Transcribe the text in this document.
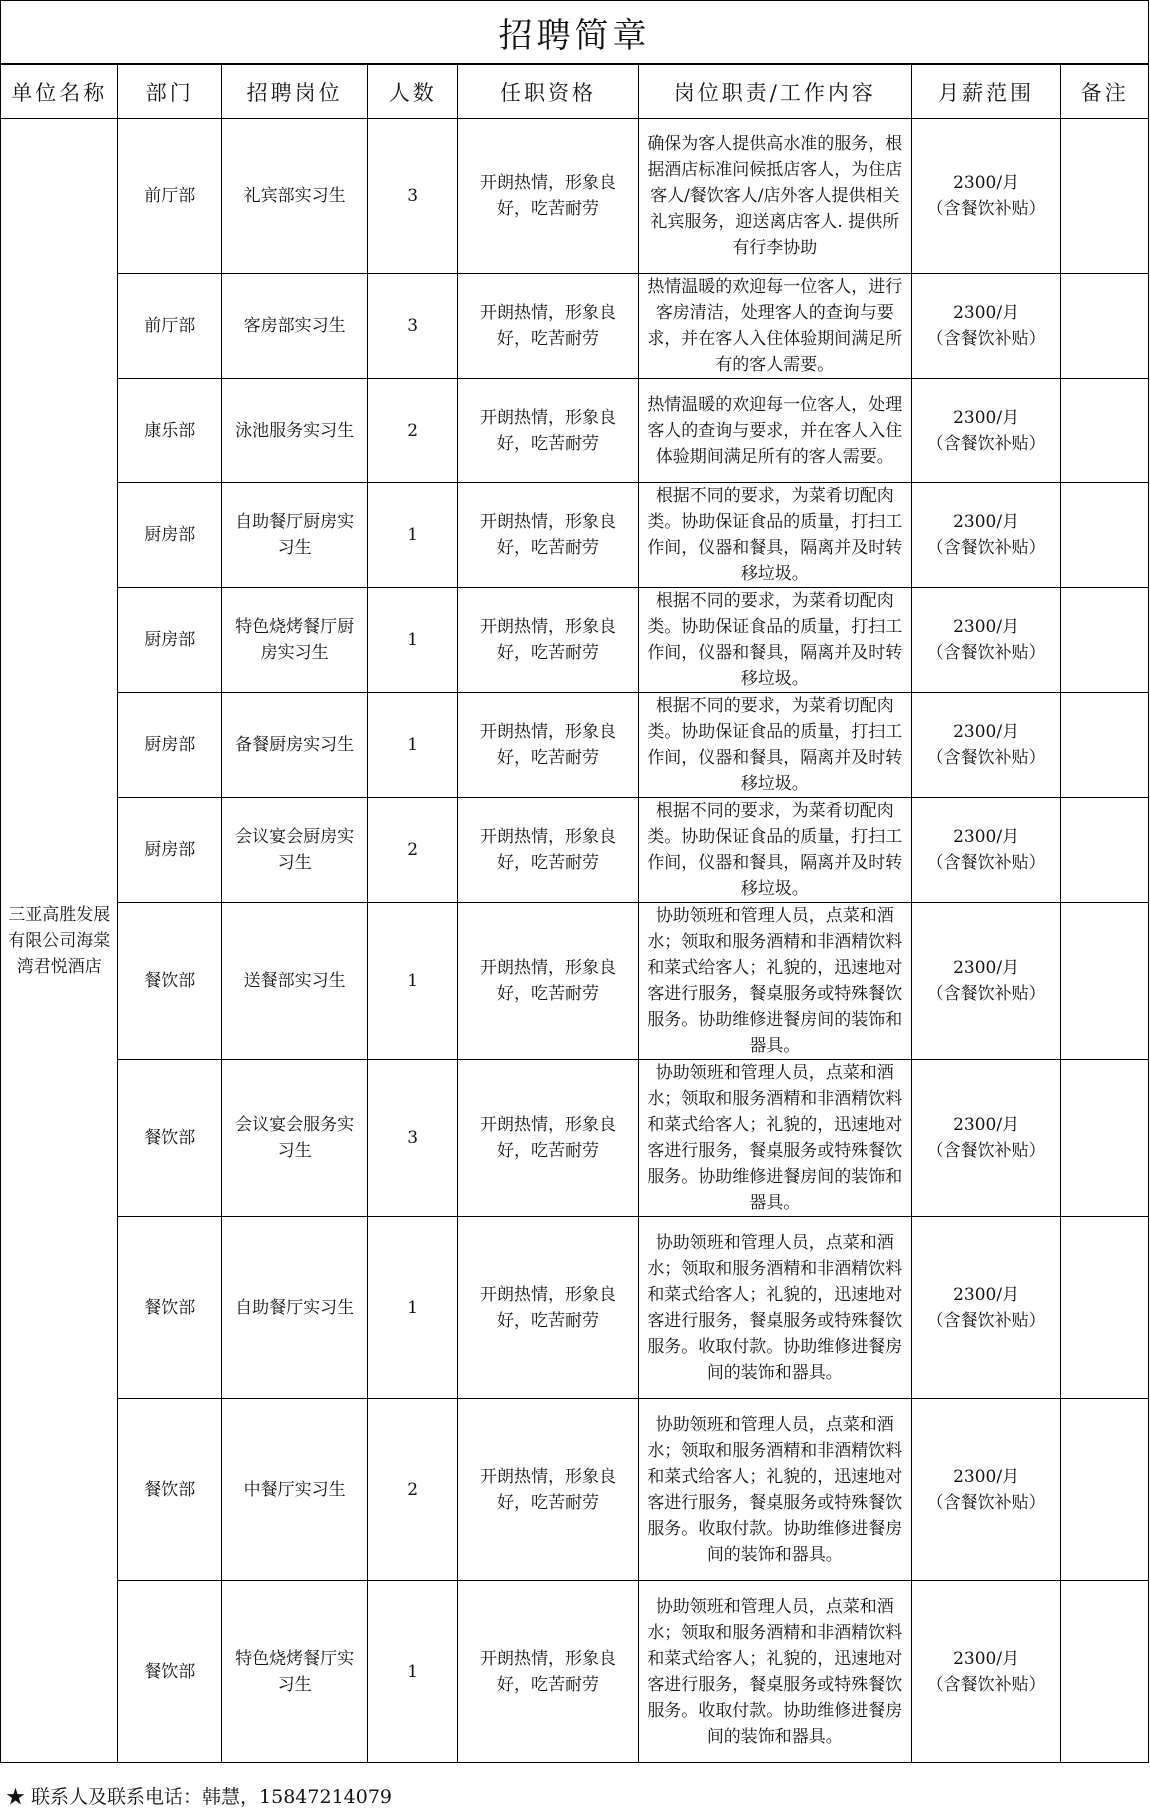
招聘简章
单位名称	部门	招聘岗位	人数	任职资格	岗位职责/工作内容	月薪范围	备注
三亚高胜发展有限公司海棠湾君悦酒店	前厅部	礼宾部实习生	3	开朗热情，形象良好，吃苦耐劳	确保为客人提供高水准的服务，根据酒店标准问候抵店客人，为住店客人/餐饮客人/店外客人提供相关礼宾服务，迎送离店客人. 提供所有行李协助	2300/月
（含餐饮补贴）	

	前厅部	客房部实习生	3	开朗热情，形象良好，吃苦耐劳	热情温暖的欢迎每一位客人，进行客房清洁，处理客人的查询与要求，并在客人入住体验期间满足所有的客人需要。	2300/月
（含餐饮补贴）	

	康乐部	泳池服务实习生	2	开朗热情，形象良好，吃苦耐劳	热情温暖的欢迎每一位客人，处理客人的查询与要求，并在客人入住体验期间满足所有的客人需要。	2300/月
（含餐饮补贴）	

	厨房部	自助餐厅厨房实习生	1	开朗热情，形象良好，吃苦耐劳	根据不同的要求，为菜肴切配肉类。协助保证食品的质量，打扫工作间，仪器和餐具，隔离并及时转移垃圾。	2300/月
（含餐饮补贴）	

	厨房部	特色烧烤餐厅厨房实习生	1	开朗热情，形象良好，吃苦耐劳	根据不同的要求，为菜肴切配肉类。协助保证食品的质量，打扫工作间，仪器和餐具，隔离并及时转移垃圾。	2300/月
（含餐饮补贴）	

	厨房部	备餐厨房实习生	1	开朗热情，形象良好，吃苦耐劳	根据不同的要求，为菜肴切配肉类。协助保证食品的质量，打扫工作间，仪器和餐具，隔离并及时转移垃圾。	2300/月
（含餐饮补贴）	

	厨房部	会议宴会厨房实习生	2	开朗热情，形象良好，吃苦耐劳	根据不同的要求，为菜肴切配肉类。协助保证食品的质量，打扫工作间，仪器和餐具，隔离并及时转移垃圾。	2300/月
（含餐饮补贴）	

	餐饮部	送餐部实习生	1	开朗热情，形象良好，吃苦耐劳	协助领班和管理人员，点菜和酒水；领取和服务酒精和非酒精饮料和菜式给客人；礼貌的，迅速地对客进行服务，餐桌服务或特殊餐饮服务。协助维修进餐房间的装饰和器具。	2300/月
（含餐饮补贴）	

	餐饮部	会议宴会服务实习生	3	开朗热情，形象良好，吃苦耐劳	协助领班和管理人员，点菜和酒水；领取和服务酒精和非酒精饮料和菜式给客人；礼貌的，迅速地对客进行服务，餐桌服务或特殊餐饮服务。协助维修进餐房间的装饰和器具。	2300/月
（含餐饮补贴）	

	餐饮部	自助餐厅实习生	1	开朗热情，形象良好，吃苦耐劳	协助领班和管理人员，点菜和酒水；领取和服务酒精和非酒精饮料和菜式给客人；礼貌的，迅速地对客进行服务，餐桌服务或特殊餐饮服务。收取付款。协助维修进餐房间的装饰和器具。	2300/月
（含餐饮补贴）	

	餐饮部	中餐厅实习生	2	开朗热情，形象良好，吃苦耐劳	协助领班和管理人员，点菜和酒水；领取和服务酒精和非酒精饮料和菜式给客人；礼貌的，迅速地对客进行服务，餐桌服务或特殊餐饮服务。收取付款。协助维修进餐房间的装饰和器具。	2300/月
（含餐饮补贴）	

	餐饮部	特色烧烤餐厅实习生	1	开朗热情，形象良好，吃苦耐劳	协助领班和管理人员，点菜和酒水；领取和服务酒精和非酒精饮料和菜式给客人；礼貌的，迅速地对客进行服务，餐桌服务或特殊餐饮服务。收取付款。协助维修进餐房间的装饰和器具。	2300/月
（含餐饮补贴）	

★ 联系人及联系电话：韩慧，15847214079
